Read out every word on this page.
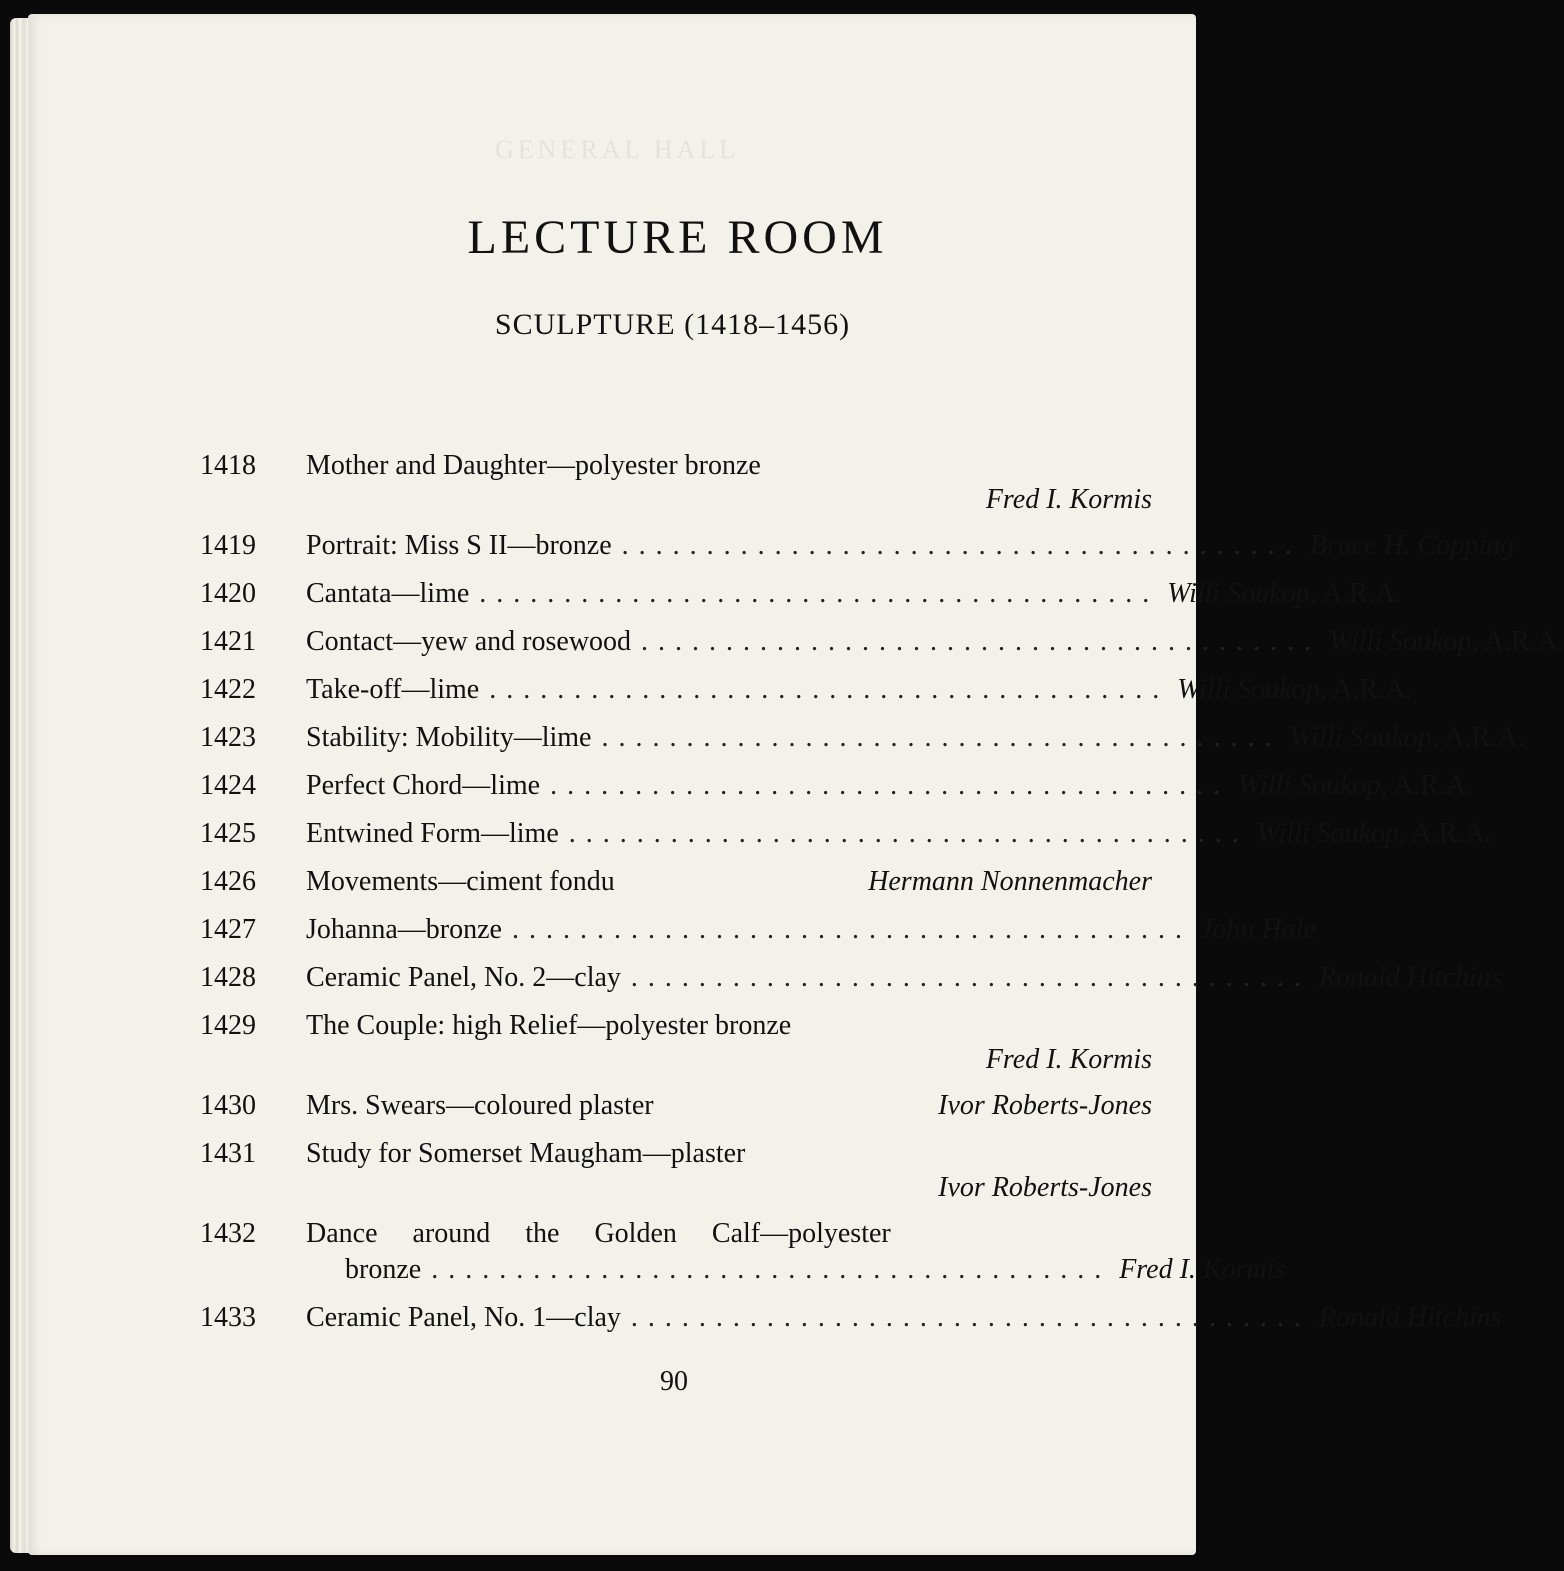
GENERAL HALL
LECTURE ROOM
SCULPTURE (1418–1456)
1418	Mother and Daughter—polyester bronze
Fred I. Kormis
1419	Portrait: Miss S II—bronze ........................................ Bruce H. Copping
1420	Cantata—lime ........................................ Willi Soukop, A.R.A.
1421	Contact—yew and rosewood ........................................ Willi Soukop, A.R.A.
1422	Take-off—lime ........................................ Willi Soukop, A.R.A.
1423	Stability: Mobility—lime ........................................ Willi Soukop, A.R.A.
1424	Perfect Chord—lime ........................................ Willi Soukop, A.R.A.
1425	Entwined Form—lime ........................................ Willi Soukop, A.R.A.
1426	Movements—ciment fondu	Hermann Nonnenmacher
1427	Johanna—bronze ........................................ John Hale
1428	Ceramic Panel, No. 2—clay ........................................ Ronald Hitchins
1429	The Couple: high Relief—polyester bronze
Fred I. Kormis
1430	Mrs. Swears—coloured plaster	Ivor Roberts-Jones
1431	Study for Somerset Maugham—plaster
Ivor Roberts-Jones
1432	Dance around the Golden Calf—polyester
bronze ........................................ Fred I. Kormis
1433	Ceramic Panel, No. 1—clay ........................................ Ronald Hitchins
90
